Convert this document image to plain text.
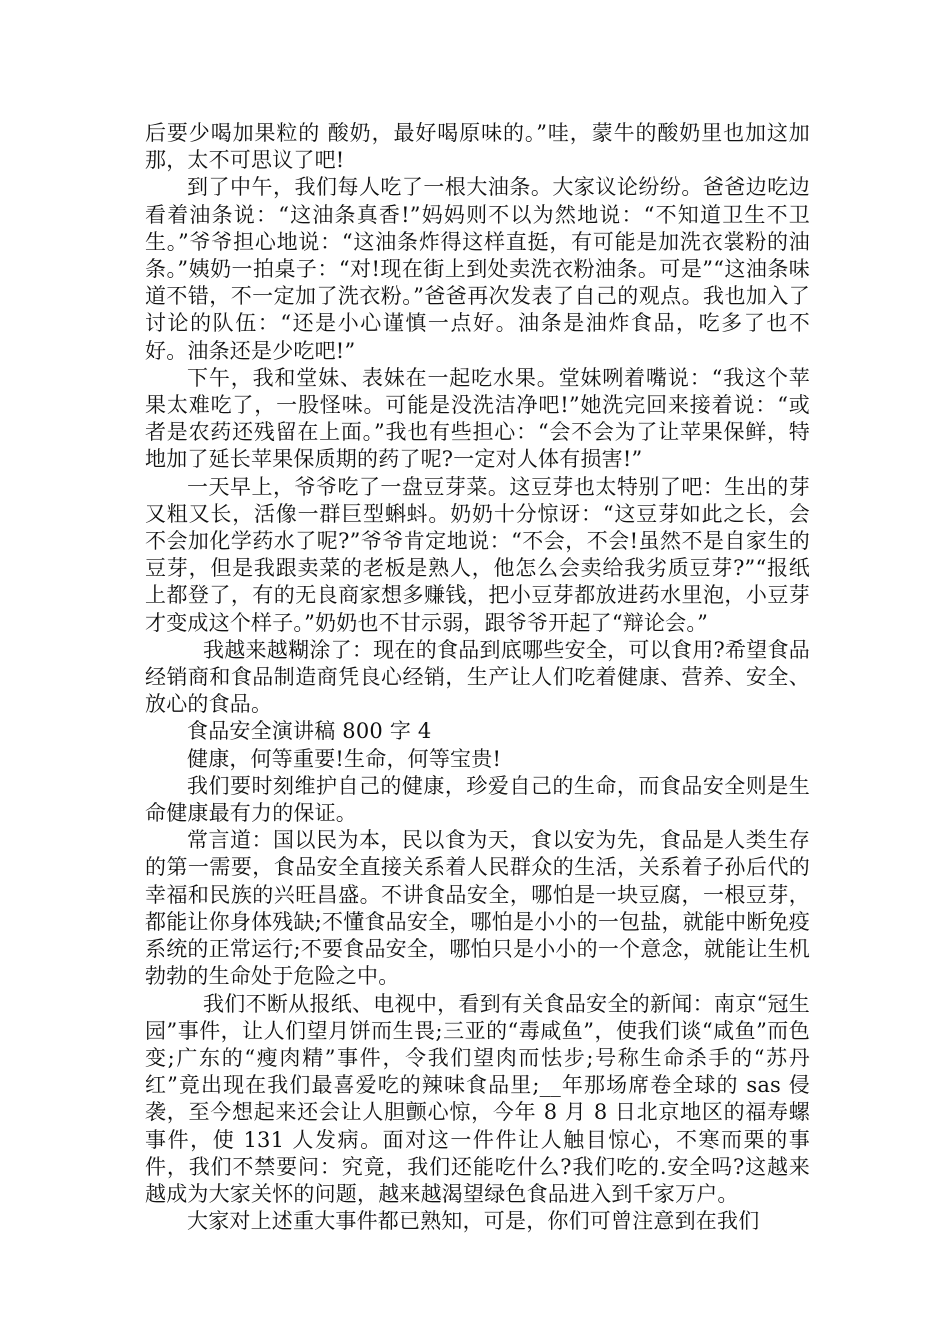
后要少喝加果粒的 酸奶，最好喝原味的。”哇，蒙牛的酸奶里也加这加那，太不可思议了吧!

到了中午，我们每人吃了一根大油条。大家议论纷纷。爸爸边吃边看着油条说：“这油条真香!”妈妈则不以为然地说：“不知道卫生不卫生。”爷爷担心地说：“这油条炸得这样直挺，有可能是加洗衣裳粉的油条。”姨奶一拍桌子：“对!现在街上到处卖洗衣粉油条。可是”“这油条味道不错，不一定加了洗衣粉。”爸爸再次发表了自己的观点。我也加入了讨论的队伍：“还是小心谨慎一点好。油条是油炸食品，吃多了也不好。油条还是少吃吧!”

下午，我和堂妹、表妹在一起吃水果。堂妹咧着嘴说：“我这个苹果太难吃了，一股怪味。可能是没洗洁净吧!”她洗完回来接着说：“或者是农药还残留在上面。”我也有些担心：“会不会为了让苹果保鲜，特地加了延长苹果保质期的药了呢?一定对人体有损害!”

一天早上，爷爷吃了一盘豆芽菜。这豆芽也太特别了吧：生出的芽又粗又长，活像一群巨型蝌蚪。奶奶十分惊讶：“这豆芽如此之长，会不会加化学药水了呢?”爷爷肯定地说：“不会，不会!虽然不是自家生的豆芽，但是我跟卖菜的老板是熟人，他怎么会卖给我劣质豆芽?”“报纸上都登了，有的无良商家想多赚钱，把小豆芽都放进药水里泡，小豆芽才变成这个样子。”奶奶也不甘示弱，跟爷爷开起了“辩论会。”

我越来越糊涂了：现在的食品到底哪些安全，可以食用?希望食品经销商和食品制造商凭良心经销，生产让人们吃着健康、营养、安全、放心的食品。

食品安全演讲稿 800 字 4

健康，何等重要!生命，何等宝贵!

我们要时刻维护自己的健康，珍爱自己的生命，而食品安全则是生命健康最有力的保证。

常言道：国以民为本，民以食为天，食以安为先，食品是人类生存的第一需要，食品安全直接关系着人民群众的生活，关系着子孙后代的幸福和民族的兴旺昌盛。不讲食品安全，哪怕是一块豆腐，一根豆芽，都能让你身体残缺;不懂食品安全，哪怕是小小的一包盐，就能中断免疫系统的正常运行;不要食品安全，哪怕只是小小的一个意念，就能让生机勃勃的生命处于危险之中。

我们不断从报纸、电视中，看到有关食品安全的新闻：南京“冠生园”事件，让人们望月饼而生畏;三亚的“毒咸鱼”，使我们谈“咸鱼”而色变;广东的“瘦肉精”事件，令我们望肉而怯步;号称生命杀手的“苏丹红”竟出现在我们最喜爱吃的辣味食品里;__年那场席卷全球的 sas 侵袭，至今想起来还会让人胆颤心惊，今年 8 月 8 日北京地区的福寿螺事件，使 131 人发病。面对这一件件让人触目惊心，不寒而栗的事件，我们不禁要问：究竟，我们还能吃什么?我们吃的.安全吗?这越来越成为大家关怀的问题，越来越渴望绿色食品进入到千家万户。

大家对上述重大事件都已熟知，可是，你们可曾注意到在我们
